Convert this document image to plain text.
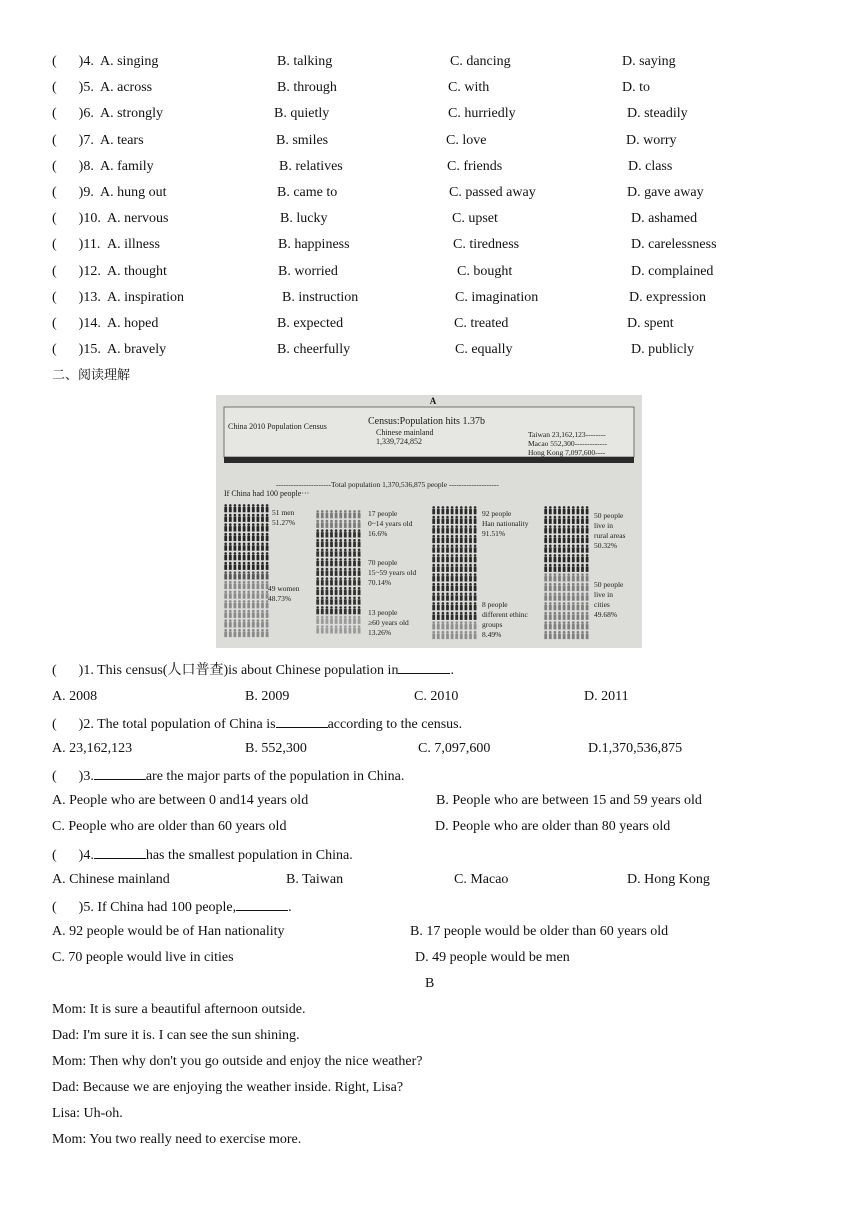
( )4. A. singing	B. talking	C. dancing	D. saying
( )5. A. across	B. through	C. with	D. to
( )6. A. strongly	B. quietly	C. hurriedly	D. steadily
( )7. A. tears	B. smiles	C. love	D. worry
( )8. A. family	B. relatives	C. friends	D. class
( )9. A. hung out	B. came to	C. passed away	D. gave away
( )10. A. nervous	B. lucky	C. upset	D. ashamed
( )11. A. illness	B. happiness	C. tiredness	D. carelessness
( )12. A. thought	B. worried	C. bought	D. complained
( )13. A. inspiration	B. instruction	C. imagination	D. expression
( )14. A. hoped	B. expected	C. treated	D. spent
( )15. A. bravely	B. cheerfully	C. equally	D. publicly
二、阅读理解
A
China 2010 Population Census	Census:Population hits 1.37b
Chinese mainland
1,339,724,852
Taiwan 23,162,123--------
Macao 552,300-------------
Hong Kong 7,097,600----
----------------------Total population 1,370,536,875 people --------------------
If China had 100 people···
51 men
51.27%
49 women
48.73%
17 people
0~14 years old
16.6%
70 people
15~59 years old
70.14%
13 people
≥60 years old
13.26%
92 people
Han nationality
91.51%
8 people
different ethinc
groups
8.49%
50 people
live in
rural areas
50.32%
50 people
live in
cities
49.68%
( )1. This census(人口普查)is about Chinese population in	.
A. 2008	B. 2009	C. 2010	D. 2011
( )2. The total population of China is	according to the census.
A. 23,162,123	B. 552,300	C. 7,097,600	D.1,370,536,875
( )3.	are the major parts of the population in China.
A. People who are between 0 and14 years old	B. People who are between 15 and 59 years old
C. People who are older than 60 years old	D. People who are older than 80 years old
( )4.	has the smallest population in China.
A. Chinese mainland	B. Taiwan	C. Macao	D. Hong Kong
( )5. If China had 100 people,	.
A. 92 people would be of Han nationality	B. 17 people would be older than 60 years old
C. 70 people would live in cities	D. 49 people would be men
B
Mom: It is sure a beautiful afternoon outside.
Dad: I'm sure it is. I can see the sun shining.
Mom: Then why don't you go outside and enjoy the nice weather?
Dad: Because we are enjoying the weather inside. Right, Lisa?
Lisa: Uh-oh.
Mom: You two really need to exercise more.
